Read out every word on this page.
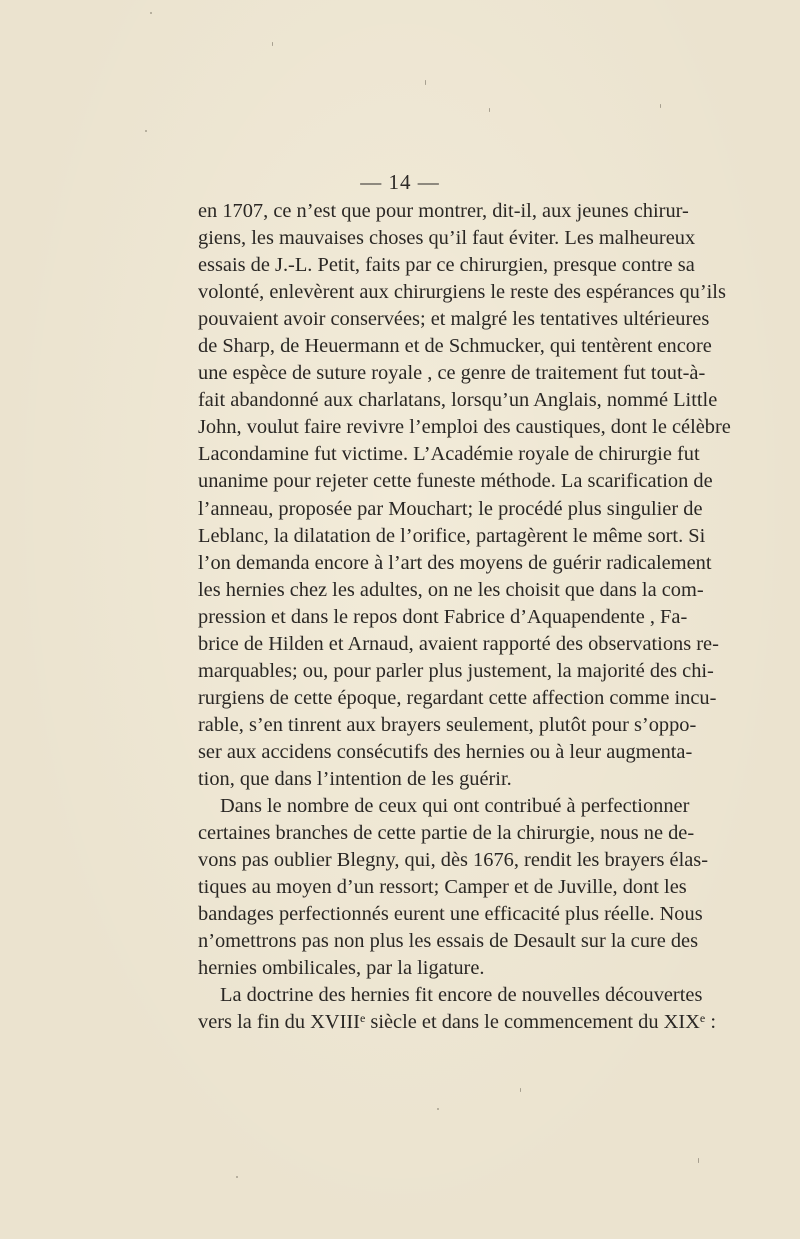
— 14 —
en 1707, ce n’est que pour montrer, dit-il, aux jeunes chirur-
giens, les mauvaises choses qu’il faut éviter. Les malheureux
essais de J.-L. Petit, faits par ce chirurgien, presque contre sa
volonté, enlevèrent aux chirurgiens le reste des espérances qu’ils
pouvaient avoir conservées; et malgré les tentatives ultérieures
de Sharp, de Heuermann et de Schmucker, qui tentèrent encore
une espèce de suture royale , ce genre de traitement fut tout-à-
fait abandonné aux charlatans, lorsqu’un Anglais, nommé Little
John, voulut faire revivre l’emploi des caustiques, dont le célèbre
Lacondamine fut victime. L’Académie royale de chirurgie fut
unanime pour rejeter cette funeste méthode. La scarification de
l’anneau, proposée par Mouchart; le procédé plus singulier de
Leblanc, la dilatation de l’orifice, partagèrent le même sort. Si
l’on demanda encore à l’art des moyens de guérir radicalement
les hernies chez les adultes, on ne les choisit que dans la com-
pression et dans le repos dont Fabrice d’Aquapendente , Fa-
brice de Hilden et Arnaud, avaient rapporté des observations re-
marquables; ou, pour parler plus justement, la majorité des chi-
rurgiens de cette époque, regardant cette affection comme incu-
rable, s’en tinrent aux brayers seulement, plutôt pour s’oppo-
ser aux accidens consécutifs des hernies ou à leur augmenta-
tion, que dans l’intention de les guérir.
Dans le nombre de ceux qui ont contribué à perfectionner
certaines branches de cette partie de la chirurgie, nous ne de-
vons pas oublier Blegny, qui, dès 1676, rendit les brayers élas-
tiques au moyen d’un ressort; Camper et de Juville, dont les
bandages perfectionnés eurent une efficacité plus réelle. Nous
n’omettrons pas non plus les essais de Desault sur la cure des
hernies ombilicales, par la ligature.
La doctrine des hernies fit encore de nouvelles découvertes
vers la fin du XVIIIe siècle et dans le commencement du XIXe :
